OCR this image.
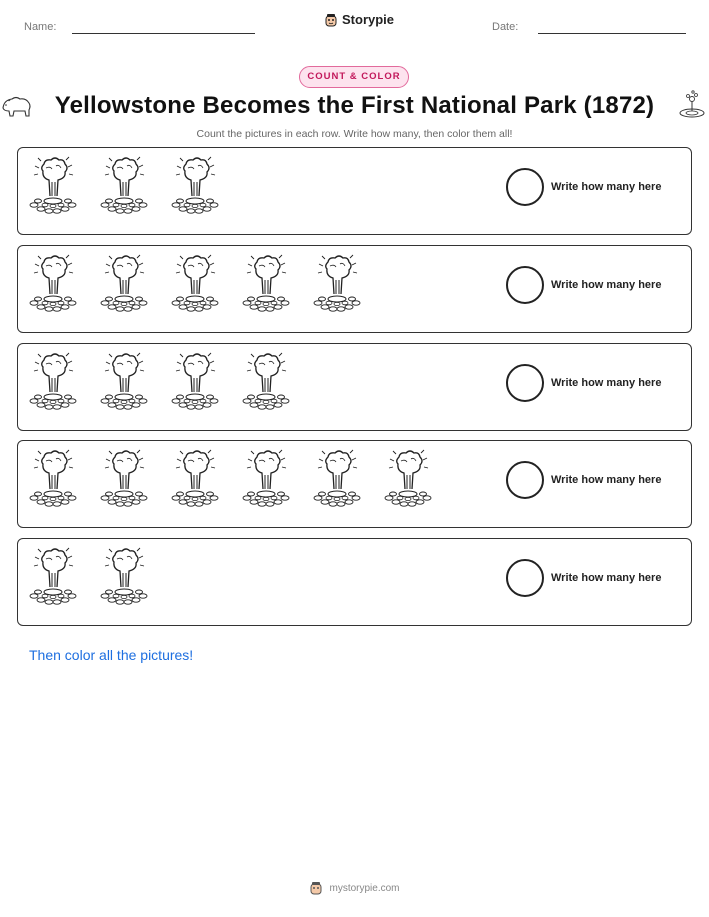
Name:	Storypie	Date:
COUNT & COLOR
Yellowstone Becomes the First National Park (1872)
Count the pictures in each row. Write how many, then color them all!
Write how many here
Write how many here
Write how many here
Write how many here
Write how many here
Then color all the pictures!
mystorypie.com
